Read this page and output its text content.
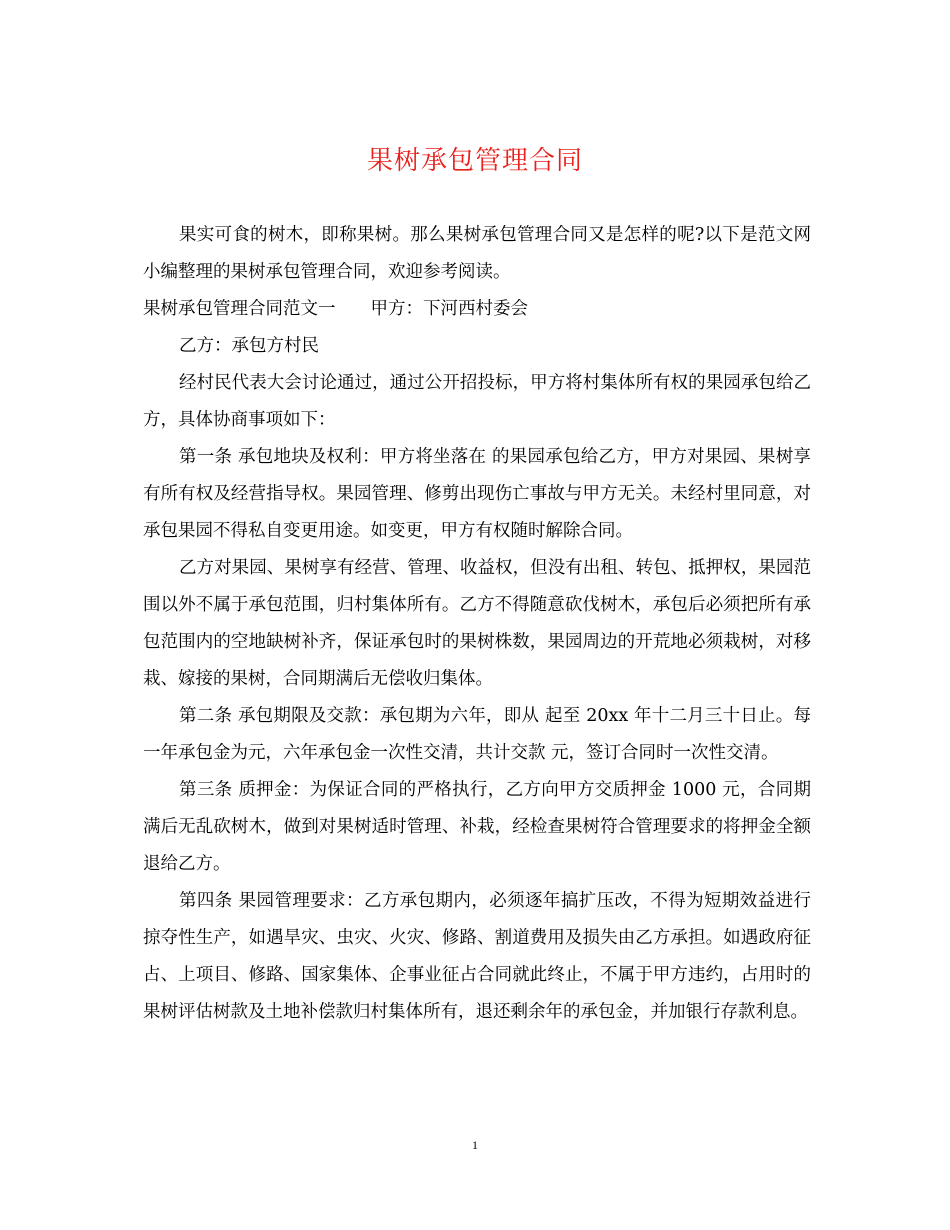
果树承包管理合同

果实可食的树木，即称果树。那么果树承包管理合同又是怎样的呢?以下是范文网小编整理的果树承包管理合同，欢迎参考阅读。

果树承包管理合同范文一　　甲方：下河西村委会

乙方：承包方村民

经村民代表大会讨论通过，通过公开招投标，甲方将村集体所有权的果园承包给乙方，具体协商事项如下：

第一条 承包地块及权利：甲方将坐落在 的果园承包给乙方，甲方对果园、果树享有所有权及经营指导权。果园管理、修剪出现伤亡事故与甲方无关。未经村里同意，对承包果园不得私自变更用途。如变更，甲方有权随时解除合同。

乙方对果园、果树享有经营、管理、收益权，但没有出租、转包、抵押权，果园范围以外不属于承包范围，归村集体所有。乙方不得随意砍伐树木，承包后必须把所有承包范围内的空地缺树补齐，保证承包时的果树株数，果园周边的开荒地必须栽树，对移栽、嫁接的果树，合同期满后无偿收归集体。

第二条 承包期限及交款：承包期为六年，即从 起至 20xx 年十二月三十日止。每一年承包金为元，六年承包金一次性交清，共计交款 元，签订合同时一次性交清。

第三条 质押金：为保证合同的严格执行，乙方向甲方交质押金 1000 元，合同期满后无乱砍树木，做到对果树适时管理、补栽，经检查果树符合管理要求的将押金全额退给乙方。

第四条 果园管理要求：乙方承包期内，必须逐年搞扩压改，不得为短期效益进行掠夺性生产，如遇旱灾、虫灾、火灾、修路、割道费用及损失由乙方承担。如遇政府征占、上项目、修路、国家集体、企事业征占合同就此终止，不属于甲方违约，占用时的果树评估树款及土地补偿款归村集体所有，退还剩余年的承包金，并加银行存款利息。

1
